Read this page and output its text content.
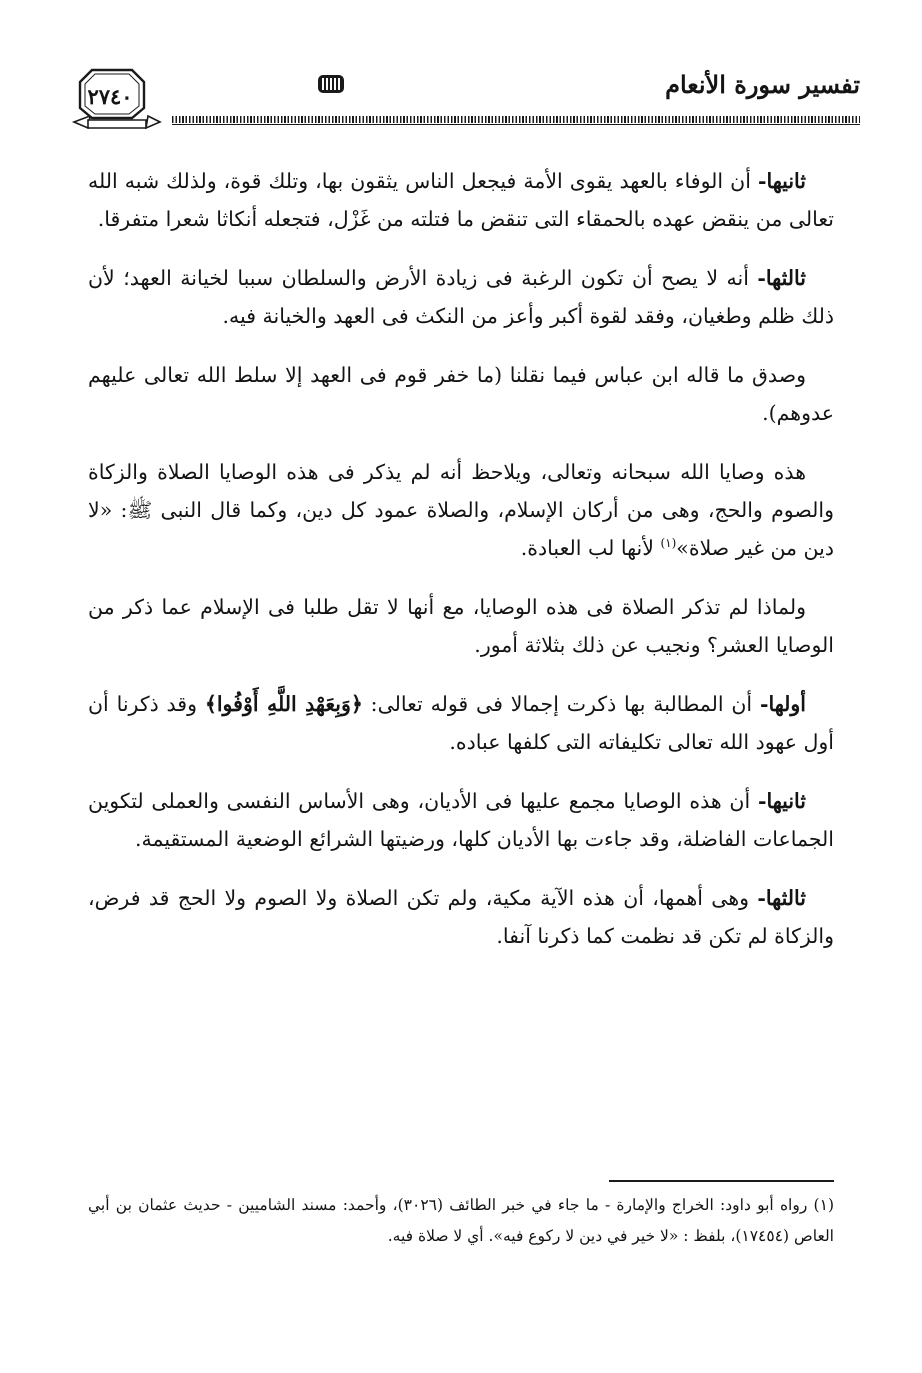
٢٧٤٠	تفسير سورة الأنعام

ثانيها- أن الوفاء بالعهد يقوى الأمة فيجعل الناس يثقون بها، وتلك قوة، ولذلك شبه الله تعالى من ينقض عهده بالحمقاء التى تنقض ما فتلته من غَزْل، فتجعله أنكاثا شعرا متفرقا.

ثالثها- أنه لا يصح أن تكون الرغبة فى زيادة الأرض والسلطان سببا لخيانة العهد؛ لأن ذلك ظلم وطغيان، وفقد لقوة أكبر وأعز من النكث فى العهد والخيانة فيه.

وصدق ما قاله ابن عباس فيما نقلنا (ما خفر قوم فى العهد إلا سلط الله تعالى عليهم عدوهم).

هذه وصايا الله سبحانه وتعالى، ويلاحظ أنه لم يذكر فى هذه الوصايا الصلاة والزكاة والصوم والحج، وهى من أركان الإسلام، والصلاة عمود كل دين، وكما قال النبى ﷺ: «لا دين من غير صلاة»$^{(١)}$ لأنها لب العبادة.

ولماذا لم تذكر الصلاة فى هذه الوصايا، مع أنها لا تقل طلبا فى الإسلام عما ذكر من الوصايا العشر؟ ونجيب عن ذلك بثلاثة أمور.

أولها- أن المطالبة بها ذكرت إجمالا فى قوله تعالى: ﴿وَبِعَهْدِ اللَّهِ أَوْفُوا﴾ وقد ذكرنا أن أول عهود الله تعالى تكليفاته التى كلفها عباده.

ثانيها- أن هذه الوصايا مجمع عليها فى الأديان، وهى الأساس النفسى والعملى لتكوين الجماعات الفاضلة، وقد جاءت بها الأديان كلها، ورضيتها الشرائع الوضعية المستقيمة.

ثالثها- وهى أهمها، أن هذه الآية مكية، ولم تكن الصلاة ولا الصوم ولا الحج قد فرض، والزكاة لم تكن قد نظمت كما ذكرنا آنفا.

(١) رواه أبو داود: الخراج والإمارة - ما جاء في خبر الطائف (٣٠٢٦)، وأحمد: مسند الشاميين - حديث عثمان بن أبي العاص (١٧٤٥٤)، بلفظ : «لا خير في دين لا ركوع فيه». أي لا صلاة فيه.
